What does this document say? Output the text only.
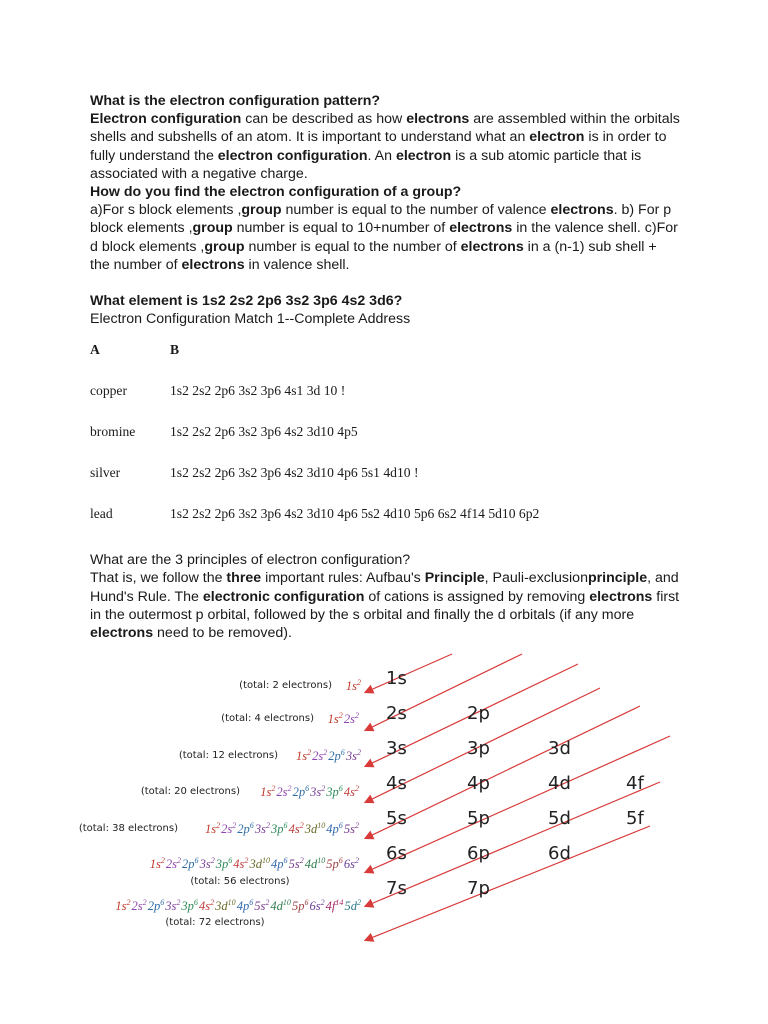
What is the electron configuration pattern?

Electron configuration can be described as how electrons are assembled within the orbitals shells and subshells of an atom. It is important to understand what an electron is in order to fully understand the electron configuration. An electron is a sub atomic particle that is associated with a negative charge.

How do you find the electron configuration of a group?

a)For s block elements ,group number is equal to the number of valence electrons. b) For p block elements ,group number is equal to 10+number of electrons in the valence shell. c)For d block elements ,group number is equal to the number of electrons in a (n-1) sub shell + the number of electrons in valence shell.

What element is 1s2 2s2 2p6 3s2 3p6 4s2 3d6?

Electron Configuration Match 1--Complete Address

A	B
copper	1s2 2s2 2p6 3s2 3p6 4s1 3d 10 !
bromine	1s2 2s2 2p6 3s2 3p6 4s2 3d10 4p5
silver	1s2 2s2 2p6 3s2 3p6 4s2 3d10 4p6 5s1 4d10 !
lead	1s2 2s2 2p6 3s2 3p6 4s2 3d10 4p6 5s2 4d10 5p6 6s2 4f14 5d10 6p2

What are the 3 principles of electron configuration?

That is, we follow the three important rules: Aufbau's Principle, Pauli-exclusionprinciple, and Hund's Rule. The electronic configuration of cations is assigned by removing electrons first in the outermost p orbital, followed by the s orbital and finally the d orbitals (if any more electrons need to be removed).

1s
2s	2p
3s	3p	3d
4s	4p	4d	4f
5s	5p	5d	5f
6s	6p	6d
7s	7p
$1s^2$ 
(total: 2 electrons)
$1s^2$ $2s^2$ 
(total: 4 electrons)
$1s^2$ $2s^2$ $2p^6$ $3s^2$ 
(total: 12 electrons)
$1s^2$ $2s^2$ $2p^6$ $3s^2$ $3p^6$ $4s^2$ 
(total: 20 electrons)
$1s^2$ $2s^2$ $2p^6$ $3s^2$ $3p^6$ $4s^2$ $3d^{10}$ $4p^6$ $5s^2$ 
(total: 38 electrons)
$1s^2$ $2s^2$ $2p^6$ $3s^2$ $3p^6$ $4s^2$ $3d^{10}$ $4p^6$ $5s^2$ $4d^{10}$ $5p^6$ $6s^2$ 
(total: 56 electrons)
$1s^2$ $2s^2$ $2p^6$ $3s^2$ $3p^6$ $4s^2$ $3d^{10}$ $4p^6$ $5s^2$ $4d^{10}$ $5p^6$ $6s^2$ $4f^{14}$ $5d^2$ 
(total: 72 electrons)
